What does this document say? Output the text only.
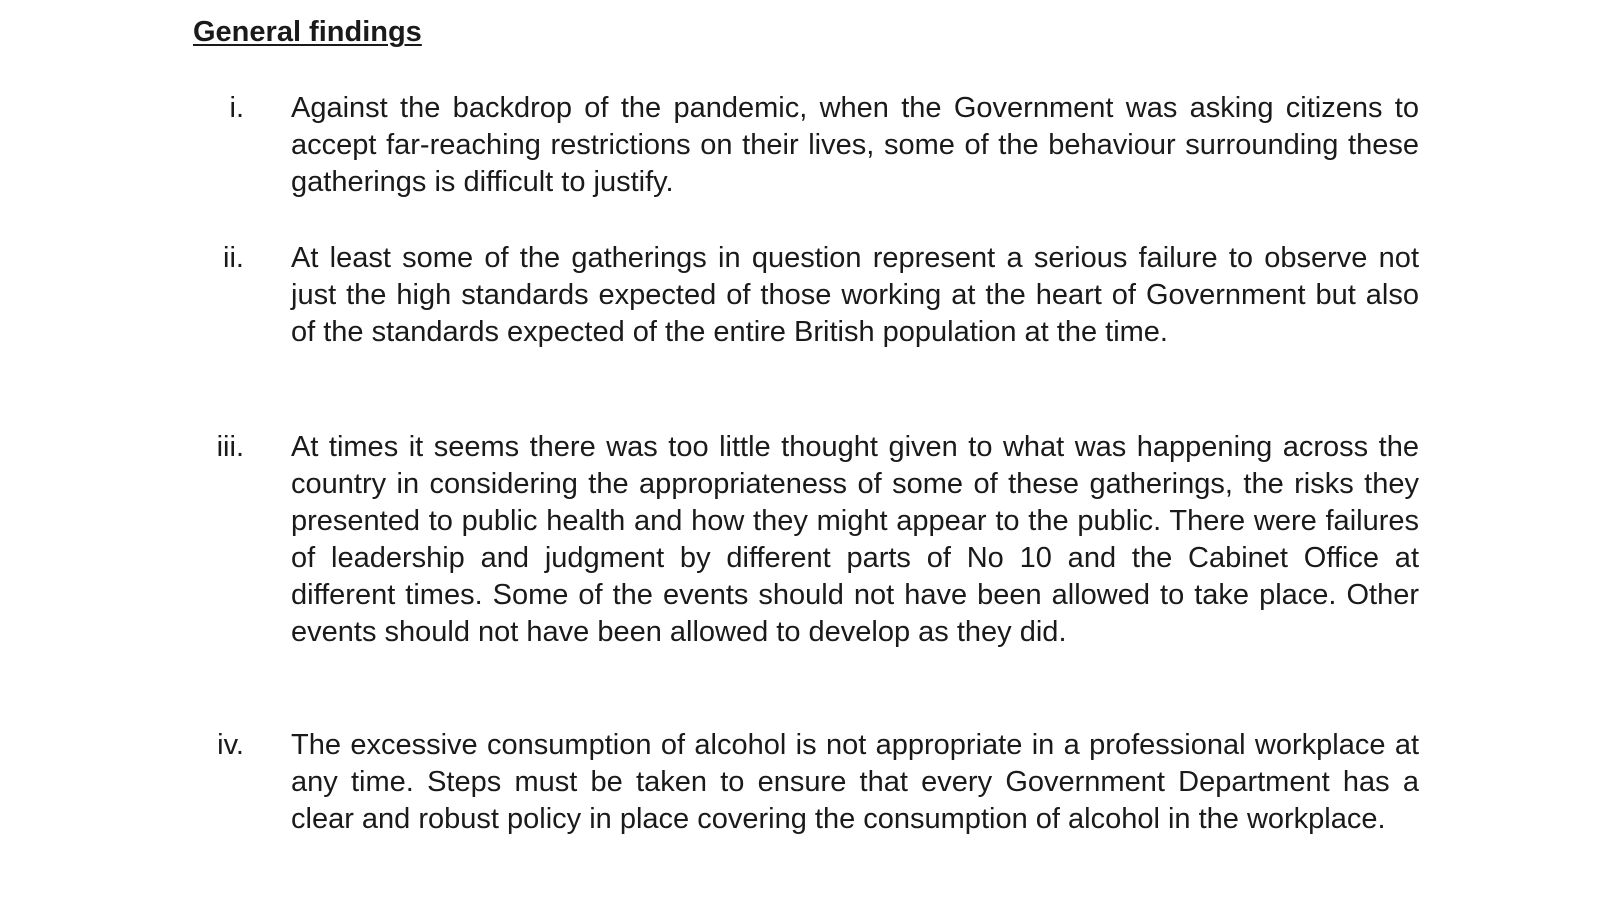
General findings
i. Against the backdrop of the pandemic, when the Government was asking citizens to accept far-reaching restrictions on their lives, some of the behaviour surrounding these gatherings is difficult to justify.

ii. At least some of the gatherings in question represent a serious failure to observe not just the high standards expected of those working at the heart of Government but also of the standards expected of the entire British population at the time.

iii. At times it seems there was too little thought given to what was happening across the country in considering the appropriateness of some of these gatherings, the risks they presented to public health and how they might appear to the public. There were failures of leadership and judgment by different parts of No 10 and the Cabinet Office at different times. Some of the events should not have been allowed to take place. Other events should not have been allowed to develop as they did.

iv. The excessive consumption of alcohol is not appropriate in a professional workplace at any time. Steps must be taken to ensure that every Government Department has a clear and robust policy in place covering the consumption of alcohol in the workplace.
